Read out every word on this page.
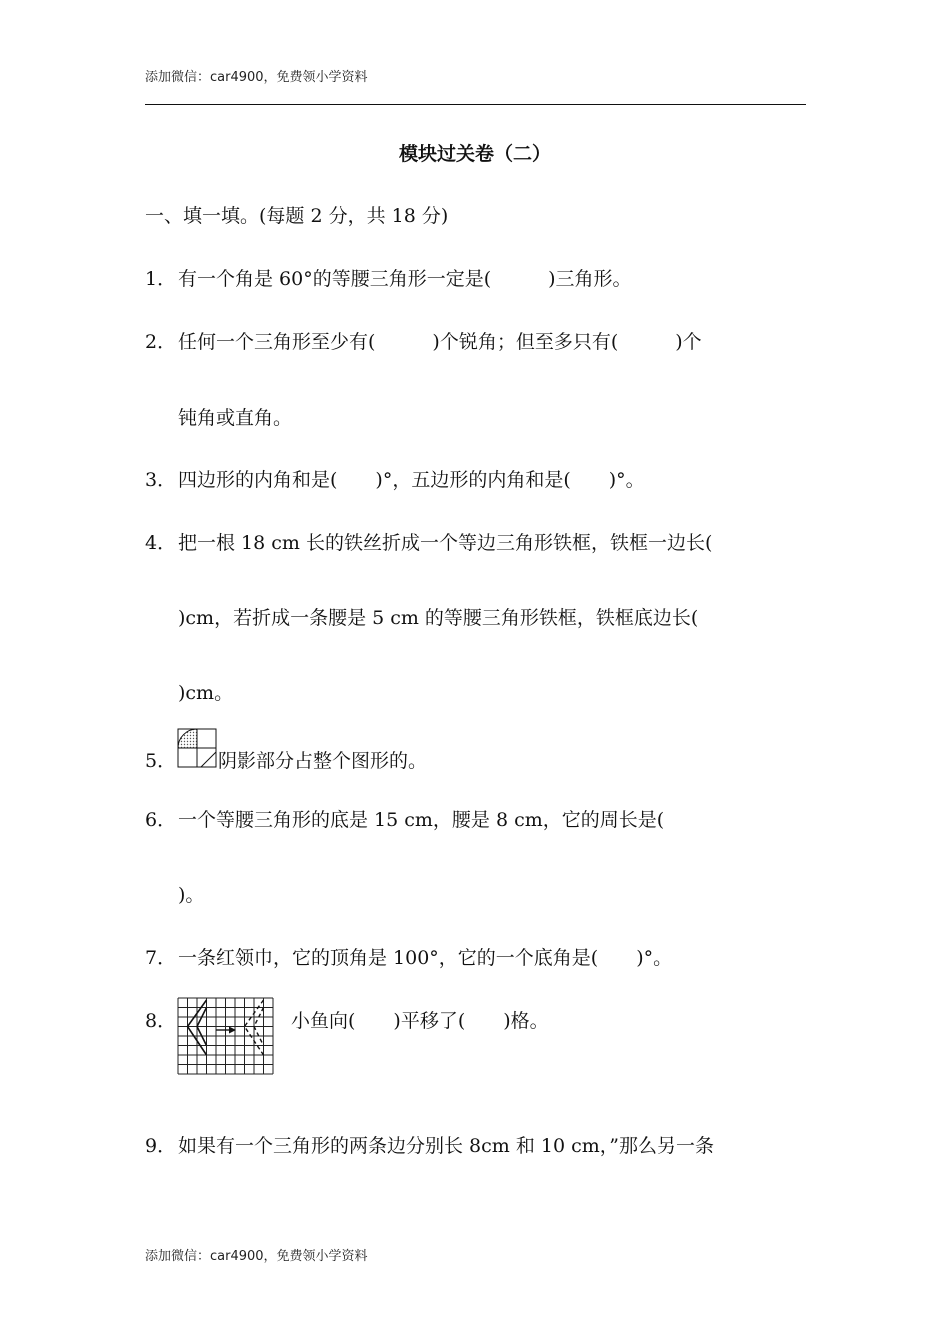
添加微信：car4900，免费领小学资料
模块过关卷（二）
一、填一填。(每题 2 分，共 18 分)
1． 有一个角是 60°的等腰三角形一定是(　　　)三角形。
2． 任何一个三角形至少有(　　　)个锐角；但至多只有(　　　)个
钝角或直角。
3． 四边形的内角和是(　　)°，五边形的内角和是(　　)°。
4． 把一根 18 cm 长的铁丝折成一个等边三角形铁框，铁框一边长(
)cm，若折成一条腰是 5 cm 的等腰三角形铁框，铁框底边长(
)cm。
5． 阴影部分占整个图形的。
6． 一个等腰三角形的底是 15 cm，腰是 8 cm，它的周长是(
)。
7． 一条红领巾，它的顶角是 100°，它的一个底角是(　　)°。
8．	小鱼向(　　)平移了(　　)格。
9． 如果有一个三角形的两条边分别长 8cm 和 10 cm，”那么另一条
添加微信：car4900，免费领小学资料
